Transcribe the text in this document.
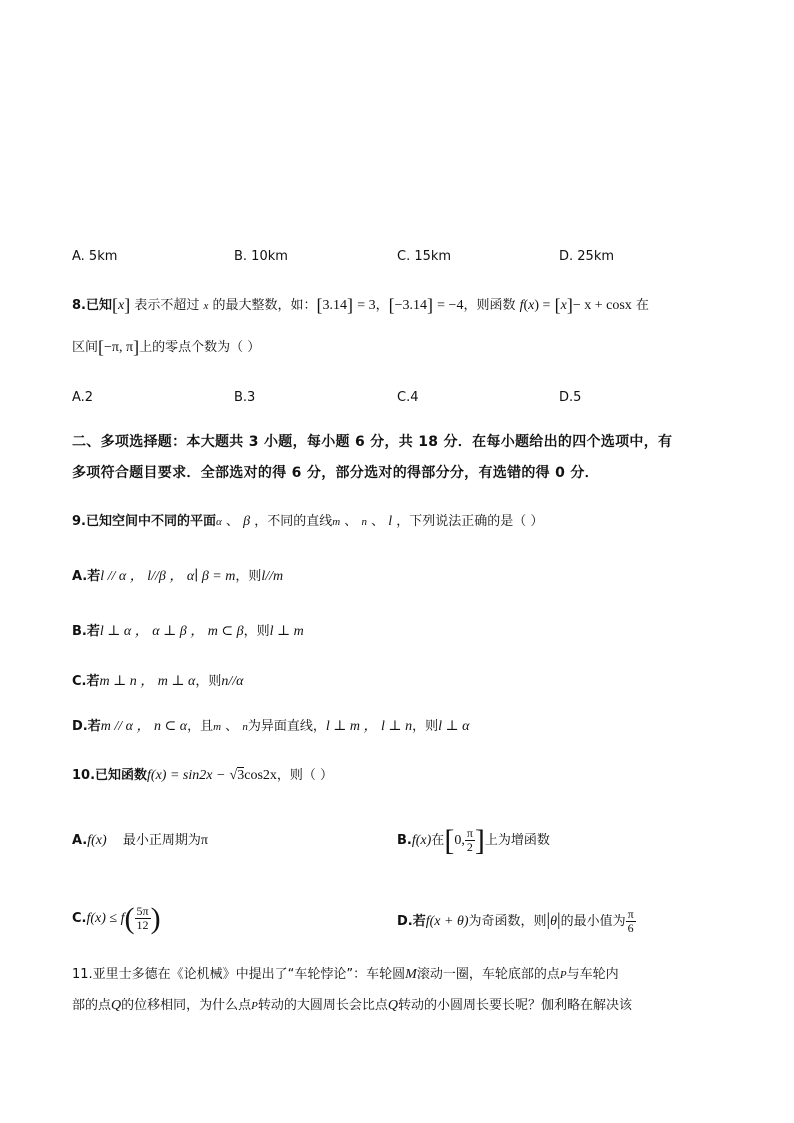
A. 5km	B. 10km	C. 15km	D. 25km
8.已知[x] 表示不超过 x 的最大整数，如：[3.14] = 3，[−3.14] = −4，则函数 f(x) = [x]− x + cosx 在
区间[−π, π]上的零点个数为（ ）
A.2	B.3	C.4	D.5
二、多项选择题：本大题共 3 小题，每小题 6 分，共 18 分．在每小题给出的四个选项中，有
多项符合题目要求．全部选对的得 6 分，部分选对的得部分分，有选错的得 0 分．
9.已知空间中不同的平面α 、 β ，不同的直线m 、 n 、 l ，下列说法正确的是（ ）
A.若l // α ， l//β ， α∣ β = m，则l//m
B.若l ⊥ α ， α ⊥ β ， m ⊂ β，则l ⊥ m
C.若m ⊥ n ， m ⊥ α，则n//α
D.若m // α ， n ⊂ α，且m 、 n为异面直线，l ⊥ m ， l ⊥ n，则l ⊥ α
10.已知函数f(x) = sin2x − √3cos2x，则（ ）
A.f(x) 最小正周期为π	B.f(x)在[0, $\frac{\pi}{2}$ ]上为增函数
$C.f(x) \le f( \frac{5\pi}{12}$ )	D.若f(x + θ)为奇函数，则|θ|的最小值为 $\frac{\pi}{6}$
11.亚里士多德在《论机械》中提出了“车轮悖论”：车轮圆M滚动一圈，车轮底部的点P与车轮内
部的点Q的位移相同，为什么点P转动的大圆周长会比点Q转动的小圆周长要长呢？伽利略在解决该
